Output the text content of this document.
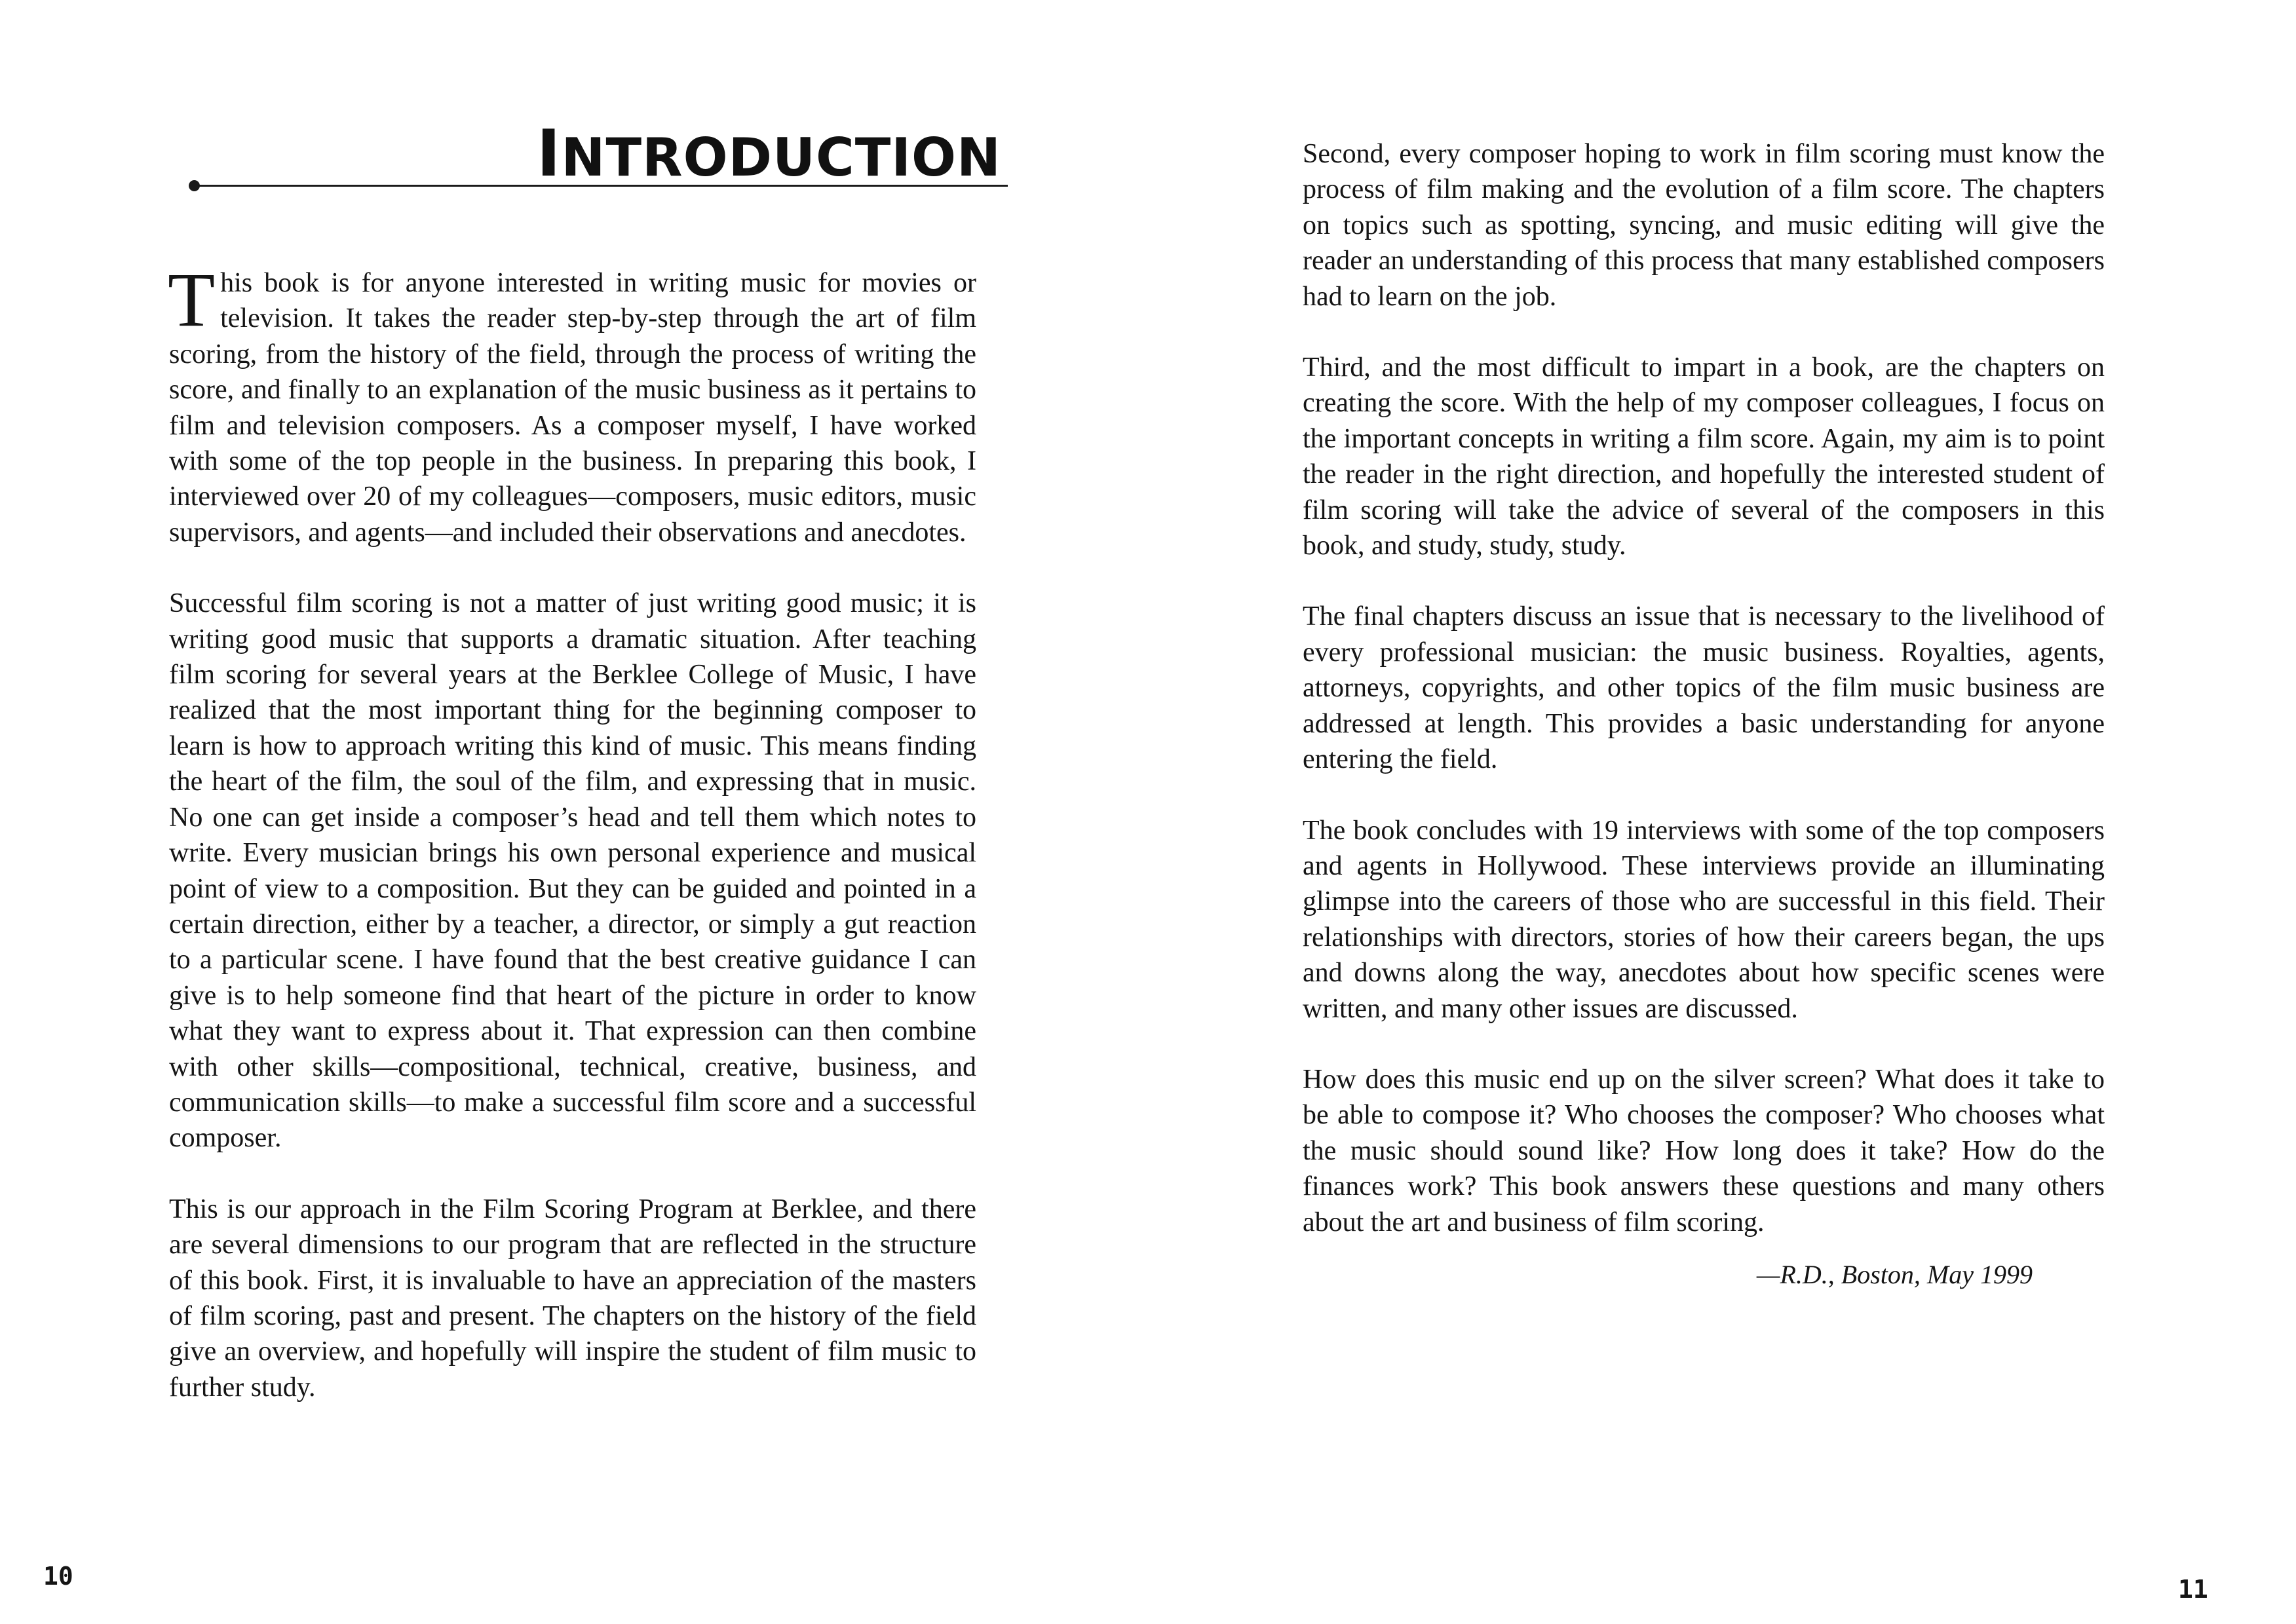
INTRODUCTION

This book is for anyone interested in writing music for movies or television. It takes the reader step-by-step through the art of film scoring, from the history of the field, through the process of writing the score, and finally to an explanation of the music business as it pertains to film and television composers. As a composer myself, I have worked with some of the top people in the business. In preparing this book, I interviewed over 20 of my colleagues—composers, music editors, music supervisors, and agents—and included their observations and anecdotes.

Successful film scoring is not a matter of just writing good music; it is writing good music that supports a dramatic situation. After teaching film scoring for several years at the Berklee College of Music, I have realized that the most important thing for the beginning composer to learn is how to approach writing this kind of music. This means finding the heart of the film, the soul of the film, and expressing that in music. No one can get inside a composer’s head and tell them which notes to write. Every musician brings his own personal experience and musical point of view to a composition. But they can be guided and pointed in a certain direction, either by a teacher, a director, or simply a gut reaction to a particular scene. I have found that the best creative guidance I can give is to help someone find that heart of the picture in order to know what they want to express about it. That expression can then combine with other skills—compositional, technical, creative, business, and communication skills—to make a successful film score and a successful composer.

This is our approach in the Film Scoring Program at Berklee, and there are several dimensions to our program that are reflected in the structure of this book. First, it is invaluable to have an appreciation of the masters of film scoring, past and present. The chapters on the history of the field give an overview, and hopefully will inspire the student of film music to further study.

10

Second, every composer hoping to work in film scoring must know the process of film making and the evolution of a film score. The chapters on topics such as spotting, syncing, and music editing will give the reader an understanding of this process that many established composers had to learn on the job.

Third, and the most difficult to impart in a book, are the chapters on creating the score. With the help of my composer colleagues, I focus on the important concepts in writing a film score. Again, my aim is to point the reader in the right direction, and hopefully the interested student of film scoring will take the advice of several of the composers in this book, and study, study, study.

The final chapters discuss an issue that is necessary to the livelihood of every professional musician: the music business. Royalties, agents, attorneys, copyrights, and other topics of the film music business are addressed at length. This provides a basic understanding for anyone entering the field.

The book concludes with 19 interviews with some of the top composers and agents in Hollywood. These interviews provide an illuminating glimpse into the careers of those who are successful in this field. Their relationships with directors, stories of how their careers began, the ups and downs along the way, anecdotes about how specific scenes were written, and many other issues are discussed.

How does this music end up on the silver screen? What does it take to be able to compose it? Who chooses the composer? Who chooses what the music should sound like? How long does it take? How do the finances work? This book answers these questions and many others about the art and business of film scoring.

—R.D., Boston, May 1999
11
